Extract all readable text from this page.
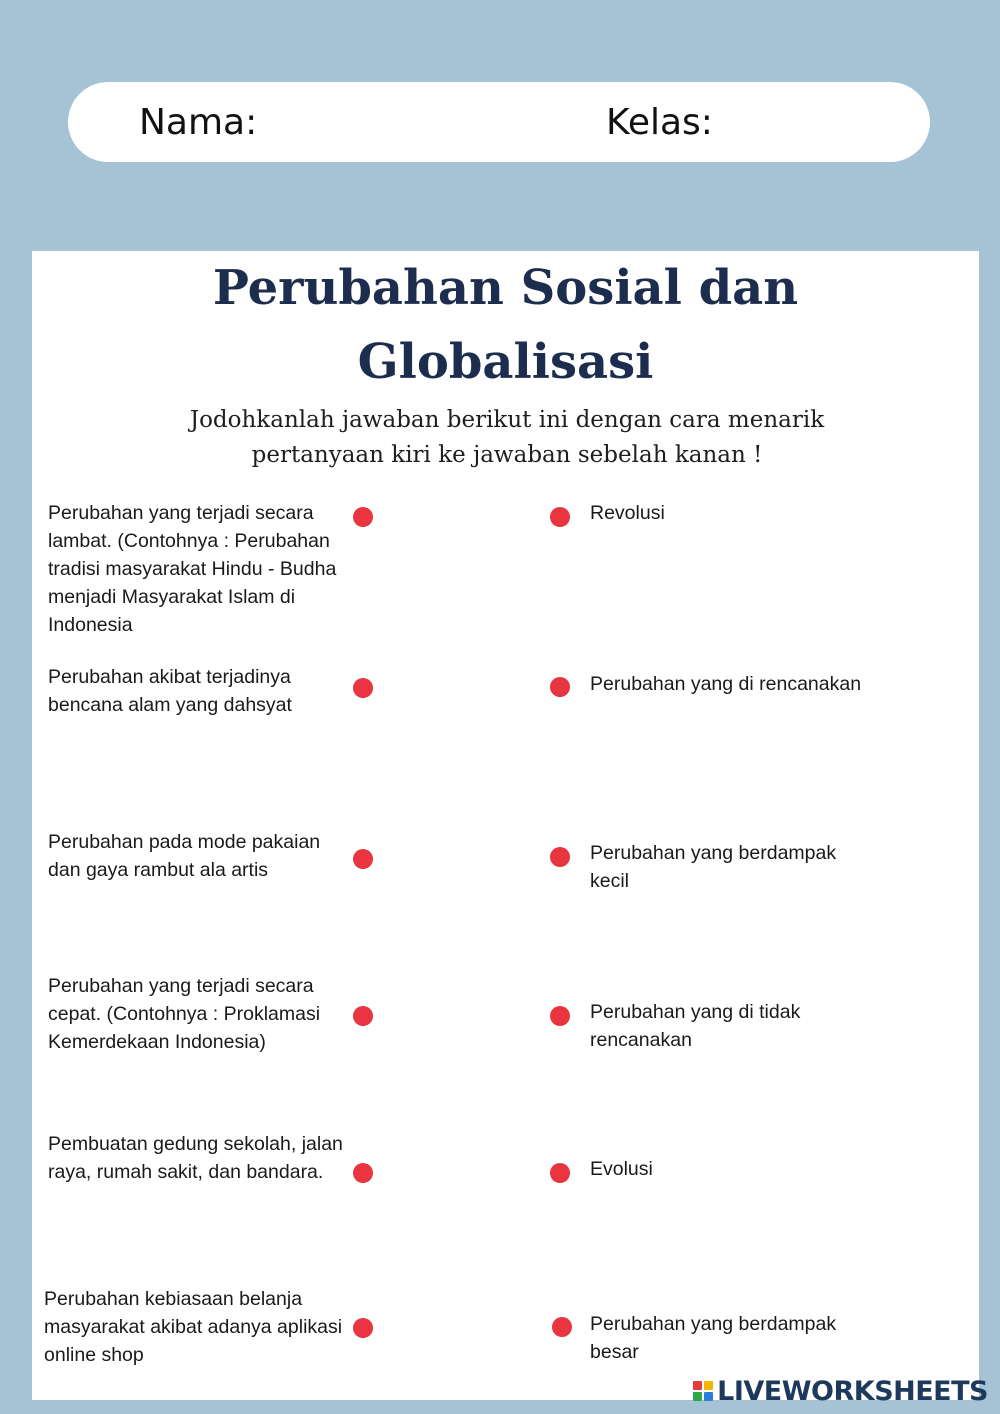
Nama:	Kelas:
Perubahan Sosial dan
Globalisasi
Jodohkanlah jawaban berikut ini dengan cara menarik
pertanyaan kiri ke jawaban sebelah kanan !
Perubahan yang terjadi secara lambat. (Contohnya : Perubahan tradisi masyarakat Hindu - Budha menjadi Masyarakat Islam di Indonesia
Perubahan akibat terjadinya bencana alam yang dahsyat
Perubahan pada mode pakaian dan gaya rambut ala artis
Perubahan yang terjadi secara cepat. (Contohnya : Proklamasi Kemerdekaan Indonesia)
Pembuatan gedung sekolah, jalan raya, rumah sakit, dan bandara.
Perubahan kebiasaan belanja masyarakat akibat adanya aplikasi online shop
Revolusi
Perubahan yang di rencanakan
Perubahan yang berdampak kecil
Perubahan yang di tidak rencanakan
Evolusi
Perubahan yang berdampak besar
LIVEWORKSHEETS
